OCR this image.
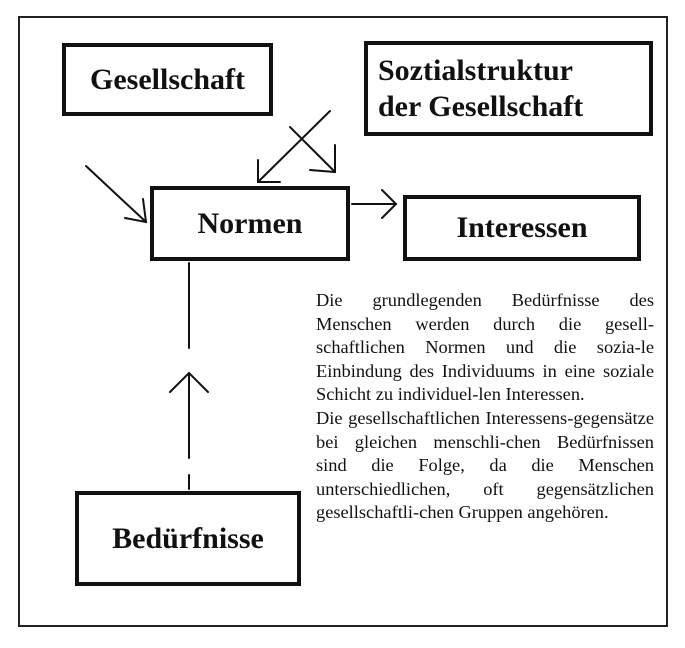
Gesellschaft	Soztialstruktur
der Gesellschaft
Normen	Interessen
Bedürfnisse

Die grundlegenden Bedürfnisse des Menschen werden durch die gesell-schaftlichen Normen und die sozia-le Einbindung des Individuums in eine soziale Schicht zu individuel-len Interessen.

Die gesellschaftlichen Interessens-gegensätze bei gleichen menschli-chen Bedürfnissen sind die Folge, da die Menschen unterschiedlichen, oft gegensätzlichen gesellschaftli-chen Gruppen angehören.
